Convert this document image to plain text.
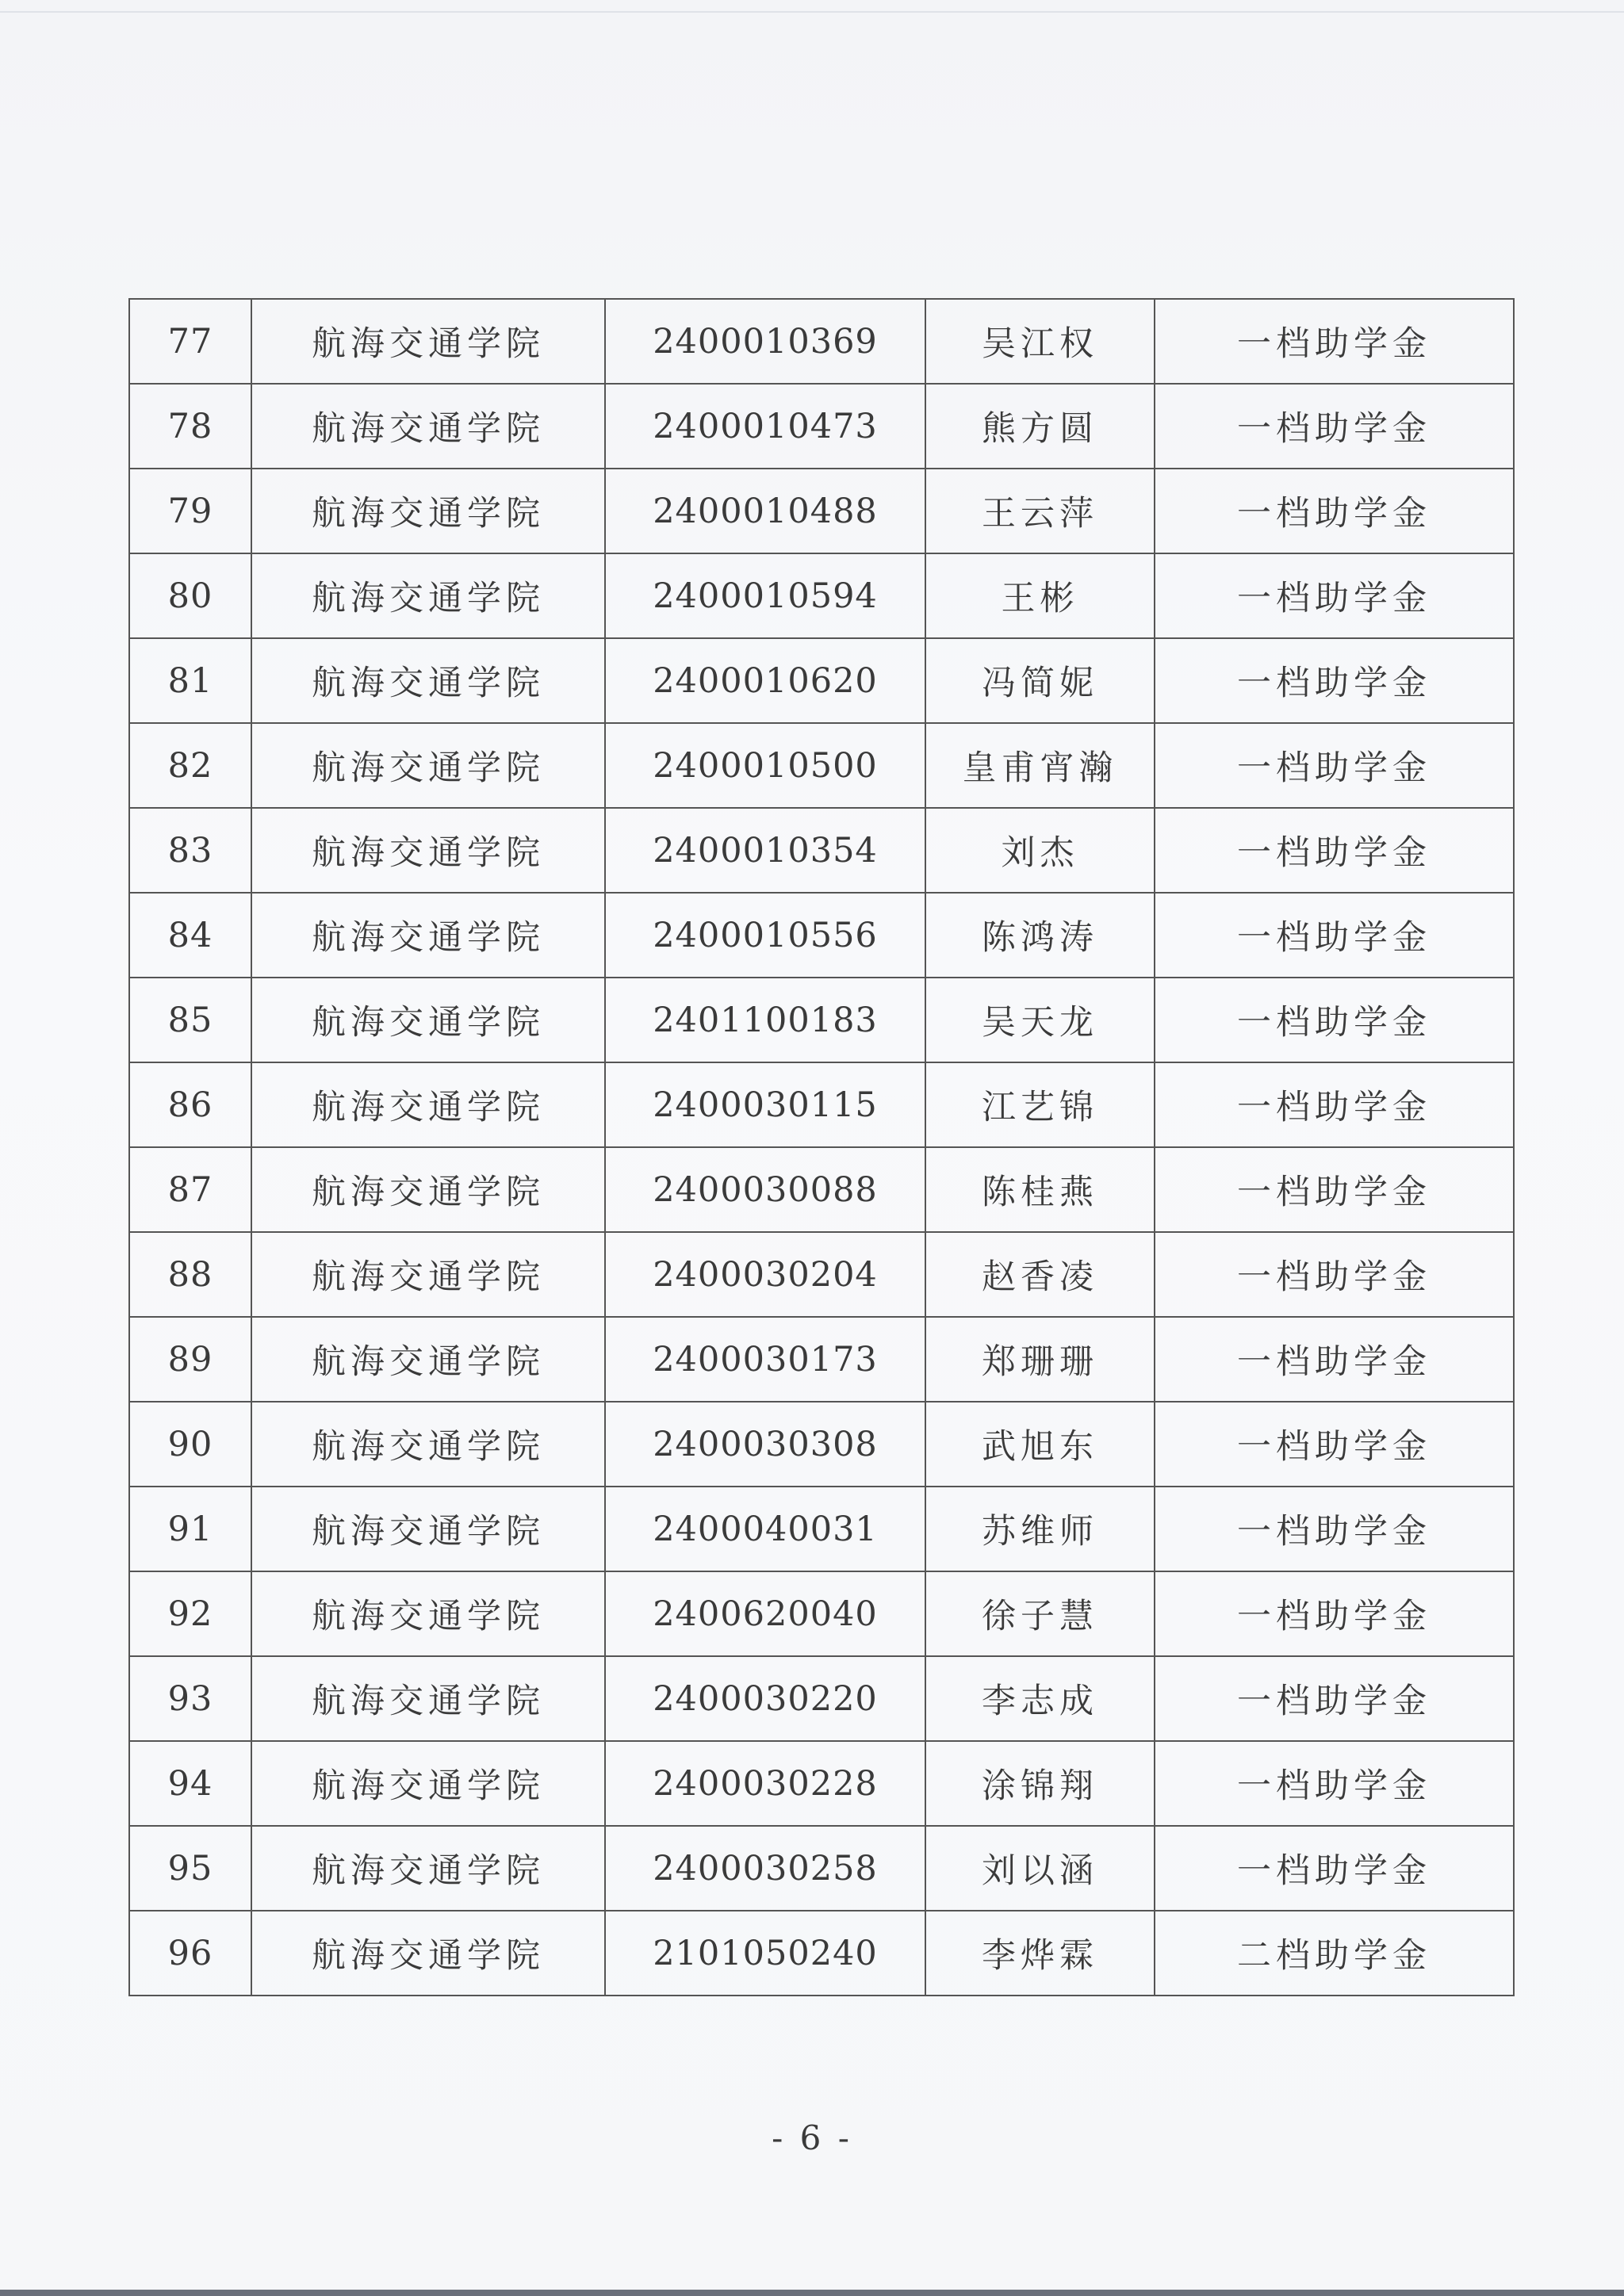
77	航海交通学院	2400010369	吴江权	一档助学金
78	航海交通学院	2400010473	熊方圆	一档助学金
79	航海交通学院	2400010488	王云萍	一档助学金
80	航海交通学院	2400010594	王彬	一档助学金
81	航海交通学院	2400010620	冯简妮	一档助学金
82	航海交通学院	2400010500	皇甫宵瀚	一档助学金
83	航海交通学院	2400010354	刘杰	一档助学金
84	航海交通学院	2400010556	陈鸿涛	一档助学金
85	航海交通学院	2401100183	吴天龙	一档助学金
86	航海交通学院	2400030115	江艺锦	一档助学金
87	航海交通学院	2400030088	陈桂燕	一档助学金
88	航海交通学院	2400030204	赵香凌	一档助学金
89	航海交通学院	2400030173	郑珊珊	一档助学金
90	航海交通学院	2400030308	武旭东	一档助学金
91	航海交通学院	2400040031	苏维师	一档助学金
92	航海交通学院	2400620040	徐子慧	一档助学金
93	航海交通学院	2400030220	李志成	一档助学金
94	航海交通学院	2400030228	涂锦翔	一档助学金
95	航海交通学院	2400030258	刘以涵	一档助学金
96	航海交通学院	2101050240	李烨霖	二档助学金
- 6 -
